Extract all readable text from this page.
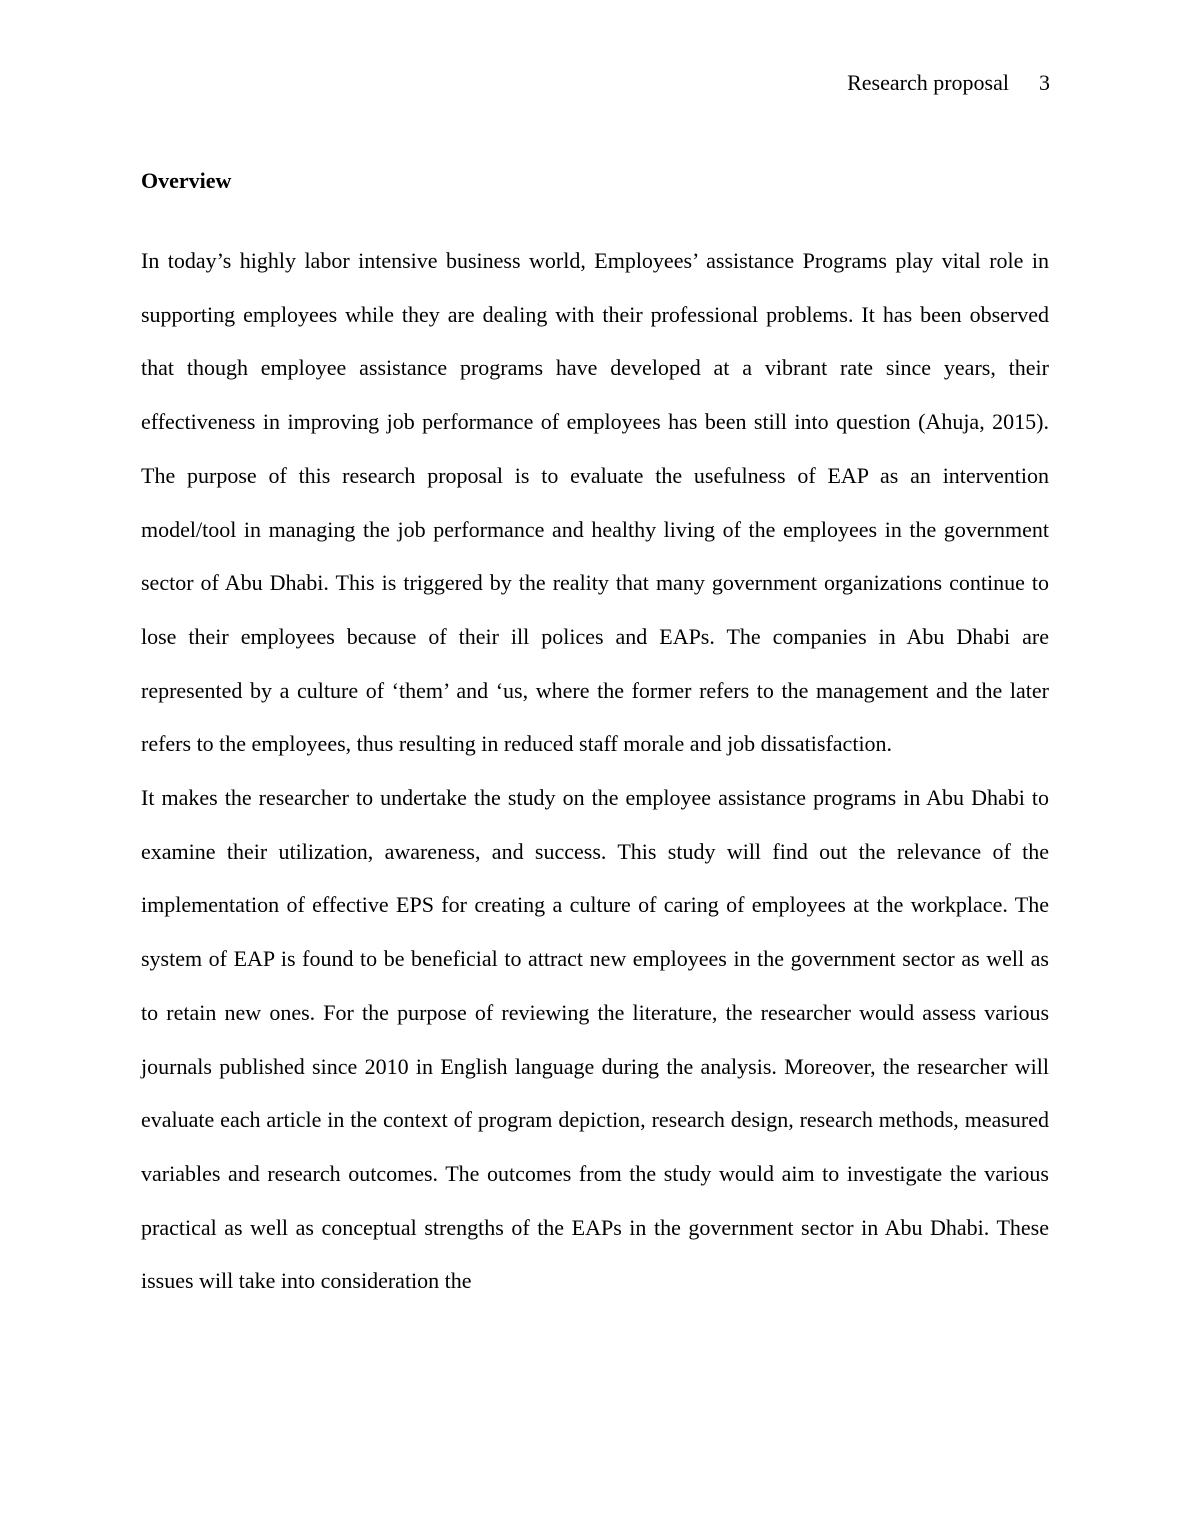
Research proposal 3
Overview

In today’s highly labor intensive business world, Employees’ assistance Programs play vital role in supporting employees while they are dealing with their professional problems. It has been observed that though employee assistance programs have developed at a vibrant rate since years, their effectiveness in improving job performance of employees has been still into question (Ahuja, 2015). The purpose of this research proposal is to evaluate the usefulness of EAP as an intervention model/tool in managing the job performance and healthy living of the employees in the government sector of Abu Dhabi. This is triggered by the reality that many government organizations continue to lose their employees because of their ill polices and EAPs. The companies in Abu Dhabi are represented by a culture of ‘them’ and ‘us, where the former refers to the management and the later refers to the employees, thus resulting in reduced staff morale and job dissatisfaction.

It makes the researcher to undertake the study on the employee assistance programs in Abu Dhabi to examine their utilization, awareness, and success. This study will find out the relevance of the implementation of effective EPS for creating a culture of caring of employees at the workplace. The system of EAP is found to be beneficial to attract new employees in the government sector as well as to retain new ones. For the purpose of reviewing the literature, the researcher would assess various journals published since 2010 in English language during the analysis. Moreover, the researcher will evaluate each article in the context of program depiction, research design, research methods, measured variables and research outcomes. The outcomes from the study would aim to investigate the various practical as well as conceptual strengths of the EAPs in the government sector in Abu Dhabi. These issues will take into consideration the
